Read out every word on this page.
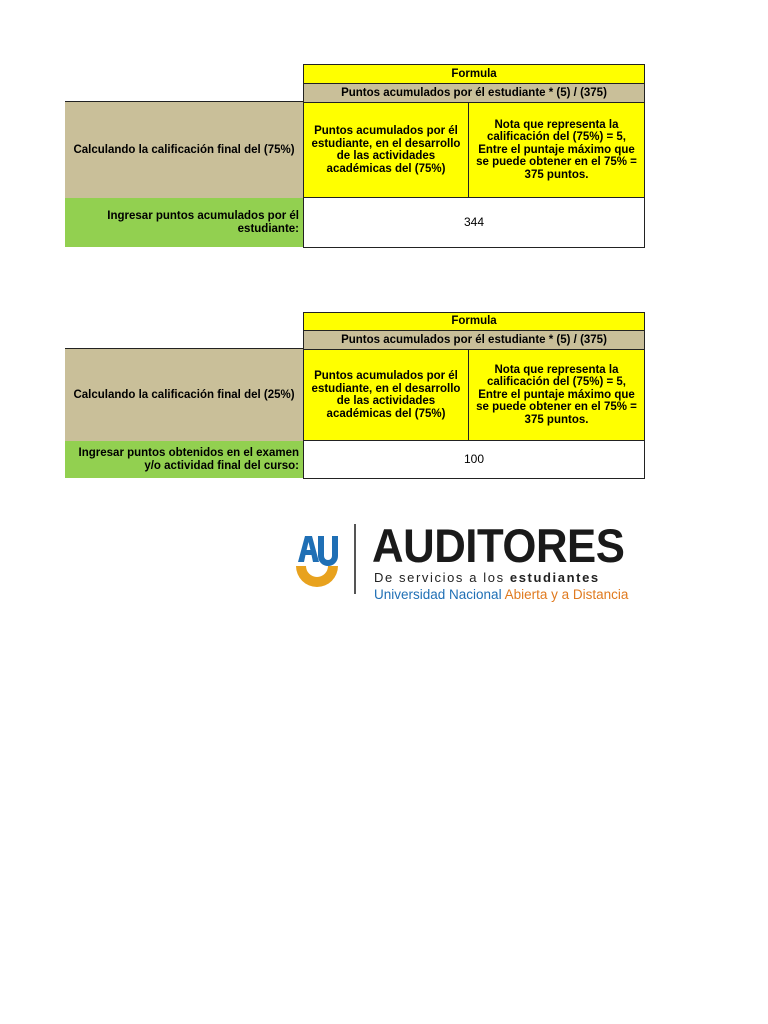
Formula
Puntos acumulados por él estudiante * (5) / (375)
Calculando la calificación final del (75%)
Puntos acumulados por él estudiante, en el desarrollo de las actividades académicas del (75%)
Nota que representa la calificación del (75%) = 5, Entre el puntaje máximo que se puede obtener en el 75% = 375 puntos.
Ingresar puntos acumulados por él estudiante:	344
Formula
Puntos acumulados por él estudiante * (5) / (375)
Calculando la calificación final del (25%)
Puntos acumulados por él estudiante, en el desarrollo de las actividades académicas del (75%)
Nota que representa la calificación del (75%) = 5, Entre el puntaje máximo que se puede obtener en el 75% = 375 puntos.
Ingresar puntos obtenidos en el examen y/o actividad final del curso:	100
AUDITORES
De servicios a los estudiantes
Universidad Nacional Abierta y a Distancia
